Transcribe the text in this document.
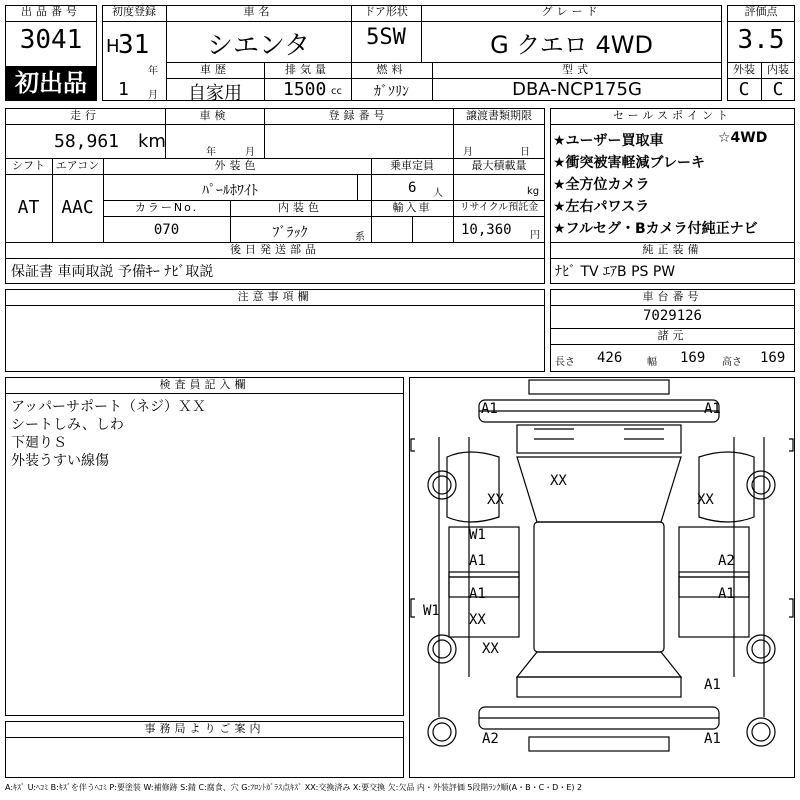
出品番号
3041
初出品
初度登録
H
31
年
1 月
車名
シエンタ
ドア形状
5SW
グレード
G クエロ 4WD
車歴
自家用
排気量
1500 cc
燃料
ｶﾞｿﾘﾝ
型式
DBA-NCP175G
評価点
3.5
外装	内装
C	C
走行
58,961 km
車検
年	月
登録番号	譲渡書類期限
月	日
シフト
AT
エアコン
AAC
外装色
ﾊﾟｰﾙﾎﾜｲﾄ
乗車定員
6 人
最大積載量
kg
カラーNo.
070
内装色
ﾌﾞﾗｯｸ	系
輸入車	リサイクル預託金
10,360 円
後日発送部品
保証書 車両取説 予備ｷｰ ﾅﾋﾞ取説
セールスポイント
★ユーザー買取車	☆4WD
★衝突被害軽減ブレーキ
★全方位カメラ
★左右パワスラ
★フルセグ・Bカメラ付純正ナビ
純正装備
ﾅﾋﾞ TV ｴｱB PS PW
注意事項欄	車台番号
7029126
諸元
長さ 426 幅 169 高さ 169
検査員記入欄
アッパーサポート（ネジ）ＸＸ
シートしみ、しわ
下廻りＳ
外装うすい線傷
事務局よりご案内
A1	A1
XX
XX	XX
W1
A1	A2
A1	A1
XX
XX
A1
A2	A1
W1
A:ｷｽﾞ U:ﾍｺﾐ B:ｷｽﾞを伴うﾍｺﾐ P:要塗装 W:補修跡 S:錆 C:腐食、穴 G:ﾌﾛﾝﾄｶﾞﾗｽ点ｷｽﾞ XX:交換済み X:要交換 欠:欠品 内・外装評価 5段階ﾗﾝｸ順(A・B・C・D・E) 2
